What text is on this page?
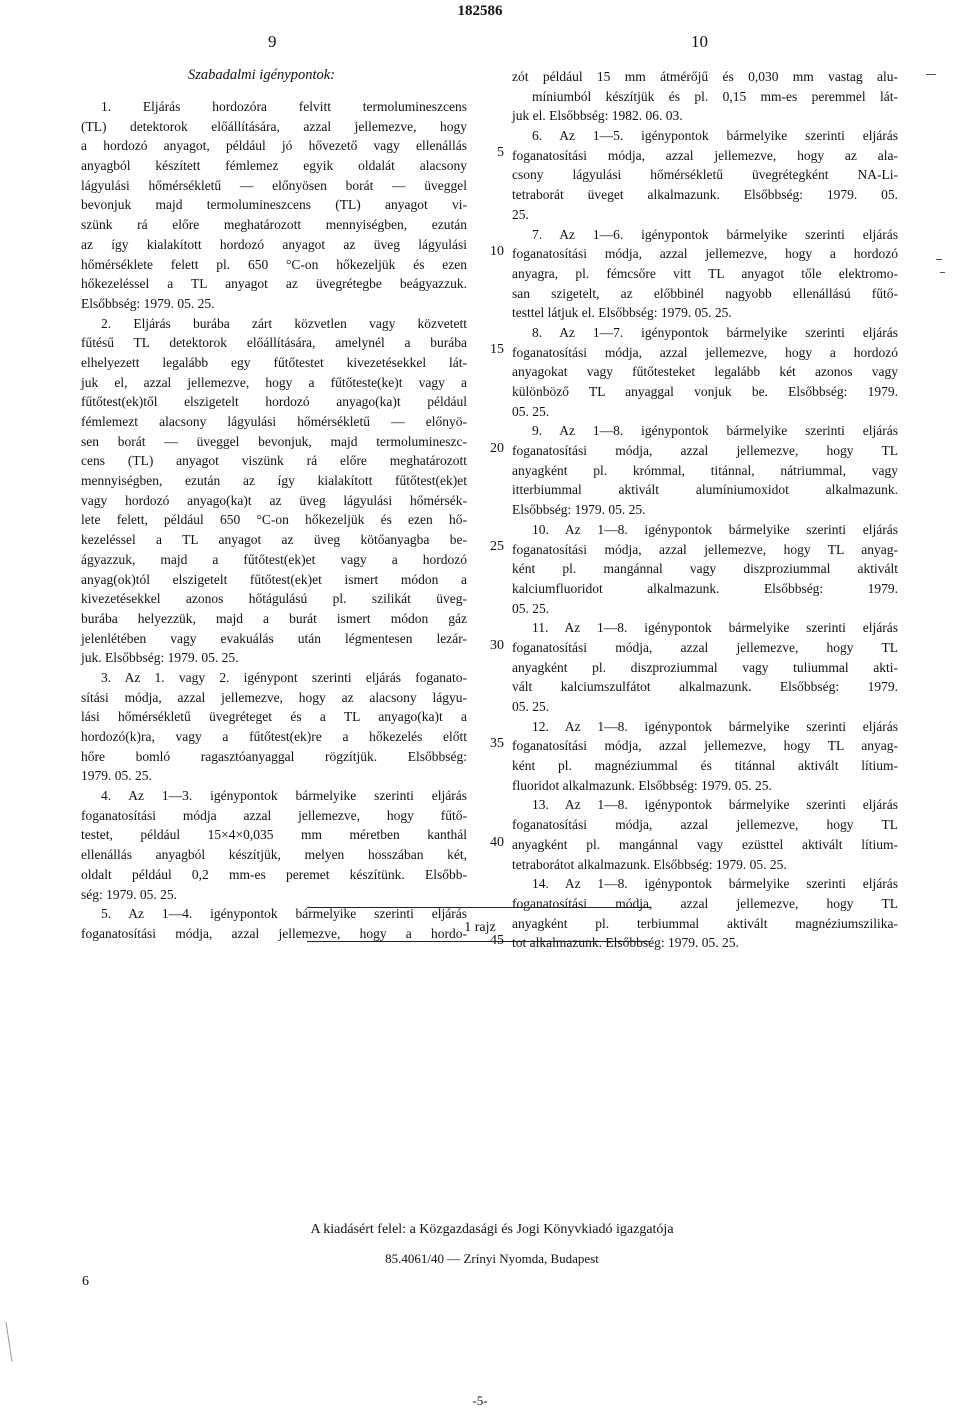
182586
9	10
Szabadalmi igénypontok:
1. Eljárás hordozóra felvitt termolumineszcens
(TL) detektorok előállítására, azzal jellemezve, hogy
a hordozó anyagot, például jó hővezető vagy ellenállás
anyagból készített fémlemez egyik oldalát alacsony
lágyulási hőmérsékletű — előnyösen borát — üveggel
bevonjuk majd termolumineszcens (TL) anyagot vi-
szünk rá előre meghatározott mennyiségben, ezután
az így kialakított hordozó anyagot az üveg lágyulási
hőmérséklete felett pl. 650 °C-on hőkezeljük és ezen
hőkezeléssel a TL anyagot az üvegrétegbe beágyazzuk.
Elsőbbség: 1979. 05. 25.
2. Eljárás burába zárt közvetlen vagy közvetett
fűtésű TL detektorok előállítására, amelynél a burába
elhelyezett legalább egy fűtőtestet kivezetésekkel lát-
juk el, azzal jellemezve, hogy a fűtőteste(ke)t vagy a
fűtőtest(ek)től elszigetelt hordozó anyago(ka)t például
fémlemezt alacsony lágyulási hőmérsékletű — előnyö-
sen borát — üveggel bevonjuk, majd termolumineszc-
cens (TL) anyagot viszünk rá előre meghatározott
mennyiségben, ezután az így kialakított fűtőtest(ek)et
vagy hordozó anyago(ka)t az üveg lágyulási hőmérsék-
lete felett, például 650 °C-on hőkezeljük és ezen hő-
kezeléssel a TL anyagot az üveg kötőanyagba be-
ágyazzuk, majd a fűtőtest(ek)et vagy a hordozó
anyag(ok)tól elszigetelt fűtőtest(ek)et ismert módon a
kivezetésekkel azonos hőtágulású pl. szilikát üveg-
burába helyezzük, majd a burát ismert módon gáz
jelenlétében vagy evakuálás után légmentesen lezár-
juk. Elsőbbség: 1979. 05. 25.
3. Az 1. vagy 2. igénypont szerinti eljárás foganato-
sítási módja, azzal jellemezve, hogy az alacsony lágyu-
lási hőmérsékletű üvegréteget és a TL anyago(ka)t a
hordozó(k)ra, vagy a fűtőtest(ek)re a hőkezelés előtt
hőre bomló ragasztóanyaggal rögzítjük. Elsőbbség:
1979. 05. 25.
4. Az 1—3. igénypontok bármelyike szerinti eljárás
foganatosítási módja azzal jellemezve, hogy fűtő-
testet, például 15×4×0,035 mm méretben kanthál
ellenállás anyagból készítjük, melyen hosszában két,
oldalt például 0,2 mm-es peremet készítünk. Elsőbb-
ség: 1979. 05. 25.
5. Az 1—4. igénypontok bármelyike szerinti eljárás
foganatosítási módja, azzal jellemezve, hogy a hordo-
zót például 15 mm átmérőjű és 0,030 mm vastag alu-
míniumból készítjük és pl. 0,15 mm-es peremmel lát-
juk el. Elsőbbség: 1982. 06. 03.
6. Az 1—5. igénypontok bármelyike szerinti eljárás
foganatosítási módja, azzal jellemezve, hogy az ala-
csony lágyulási hőmérsékletű üvegrétegként NA-Li-
tetraborát üveget alkalmazunk. Elsőbbség: 1979. 05.
25.
7. Az 1—6. igénypontok bármelyike szerinti eljárás
foganatosítási módja, azzal jellemezve, hogy a hordozó
anyagra, pl. fémcsőre vitt TL anyagot tőle elektromo-
san szigetelt, az előbbinél nagyobb ellenállású fűtő-
testtel látjuk el. Elsőbbség: 1979. 05. 25.
8. Az 1—7. igénypontok bármelyike szerinti eljárás
foganatosítási módja, azzal jellemezve, hogy a hordozó
anyagokat vagy fűtőtesteket legalább két azonos vagy
különböző TL anyaggal vonjuk be. Elsőbbség: 1979.
05. 25.
9. Az 1—8. igénypontok bármelyike szerinti eljárás
foganatosítási módja, azzal jellemezve, hogy TL
anyagként pl. krómmal, titánnal, nátriummal, vagy
itterbiummal aktivált alumíniumoxidot alkalmazunk.
Elsőbbség: 1979. 05. 25.
10. Az 1—8. igénypontok bármelyike szerinti eljárás
foganatosítási módja, azzal jellemezve, hogy TL anyag-
ként pl. mangánnal vagy diszproziummal aktivált
kalciumfluoridot alkalmazunk. Elsőbbség: 1979.
05. 25.
11. Az 1—8. igénypontok bármelyike szerinti eljárás
foganatosítási módja, azzal jellemezve, hogy TL
anyagként pl. diszproziummal vagy tuliummal akti-
vált kalciumszulfátot alkalmazunk. Elsőbbség: 1979.
05. 25.
12. Az 1—8. igénypontok bármelyike szerinti eljárás
foganatosítási módja, azzal jellemezve, hogy TL anyag-
ként pl. magnéziummal és titánnal aktivált lítium-
fluoridot alkalmazunk. Elsőbbség: 1979. 05. 25.
13. Az 1—8. igénypontok bármelyike szerinti eljárás
foganatosítási módja, azzal jellemezve, hogy TL
anyagként pl. mangánnal vagy ezüsttel aktivált lítium-
tetraborátot alkalmazunk. Elsőbbség: 1979. 05. 25.
14. Az 1—8. igénypontok bármelyike szerinti eljárás
foganatosítási módja, azzal jellemezve, hogy TL
anyagként pl. terbiummal aktivált magnéziumszilika-
tot alkalmazunk. Elsőbbség: 1979. 05. 25.
5
10
15
20
25
30
35
40
45
1 rajz
A kiadásért felel: a Közgazdasági és Jogi Könyvkiadó igazgatója
85.4061/40 — Zrínyi Nyomda, Budapest
6
-5-
